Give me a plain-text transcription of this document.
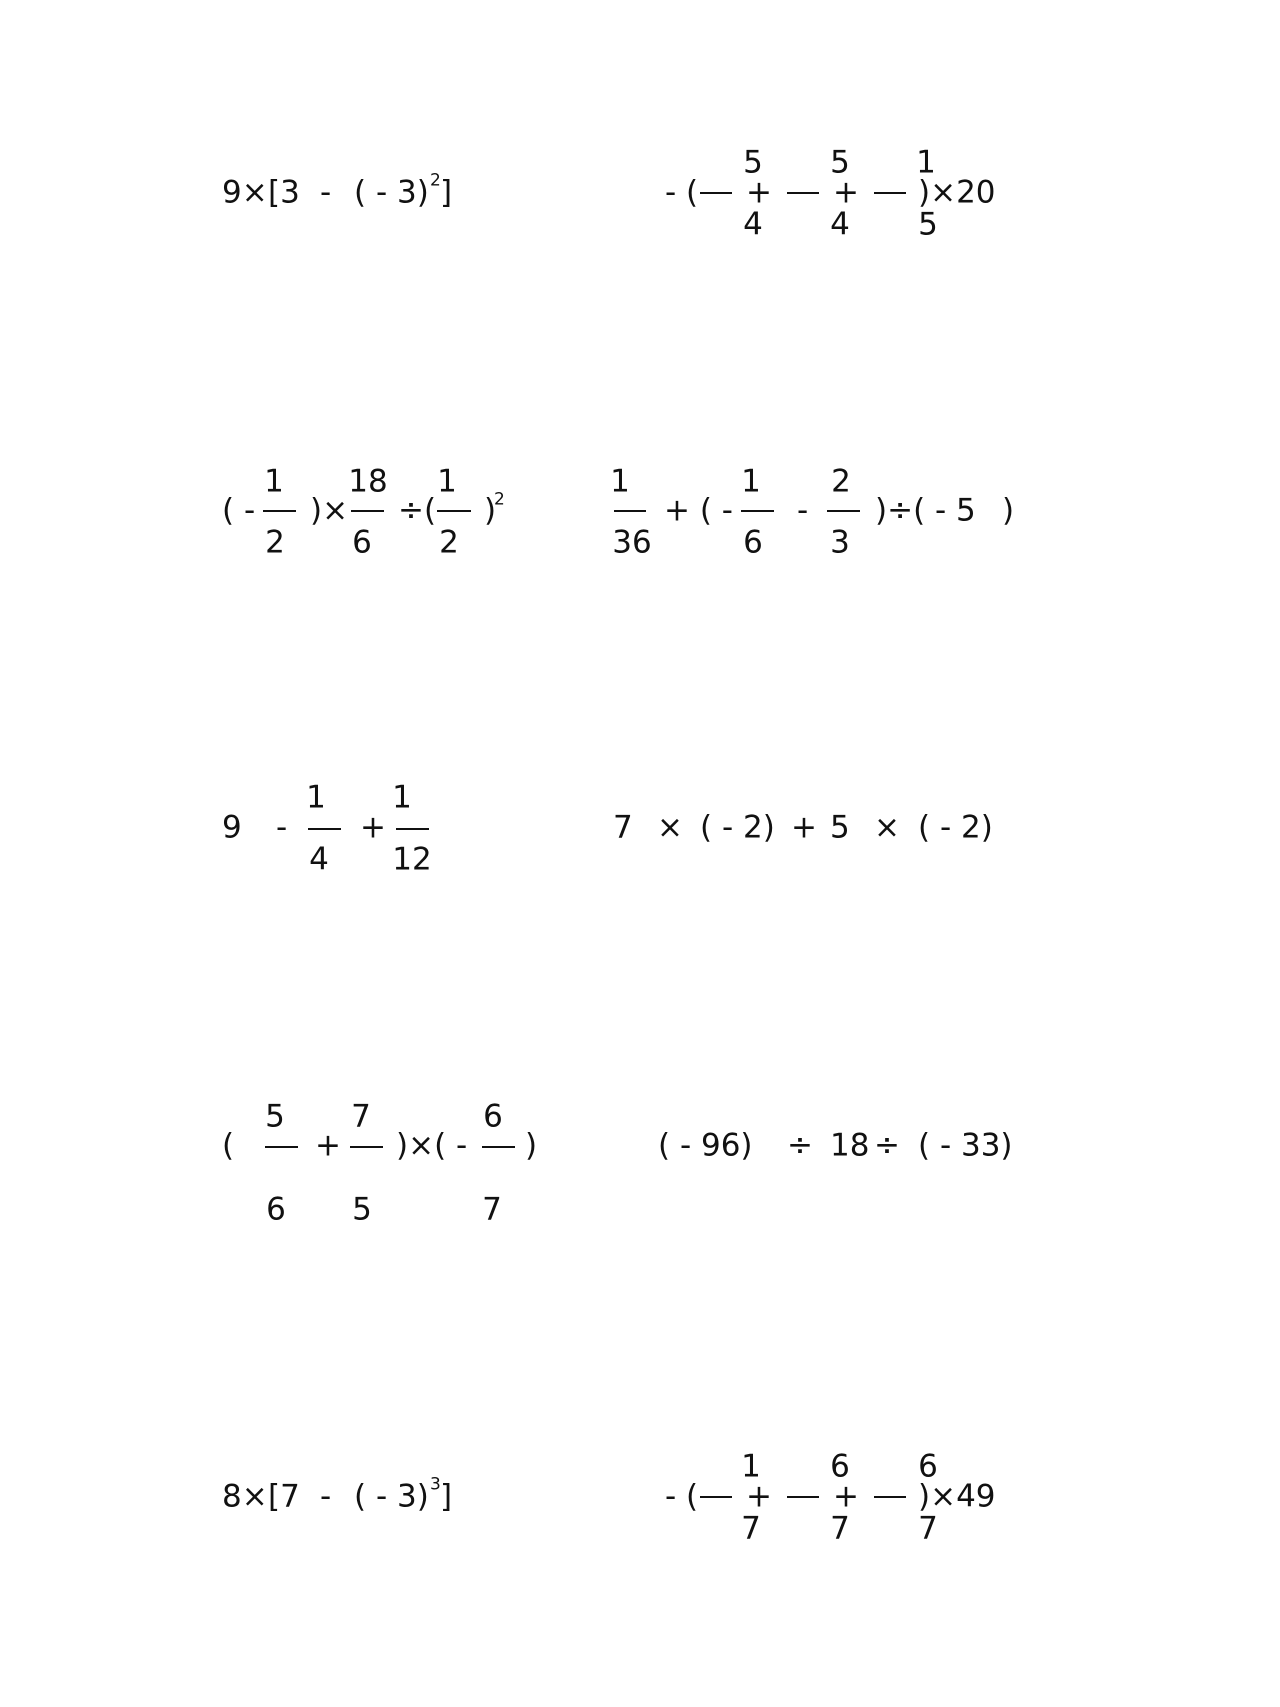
9× [3 - ( - 3) 2 ]	- (
5
4
+
5
4
+
1
5
)×20
( -
1
2
)×
18
6
÷(
1
2
)
2	1
36
+ ( -
1
6
-
2
3
)÷( - 5 )
9 -
1
4
+
1
12
7 × ( - 2) + 5 × ( - 2)
(
5
6
+
7
5
)×( -
6
7
)	( - 96) ÷ 18 ÷ ( - 33)
8× [7 - ( - 3) 3 ]	- (
1
7
+
6
7
+
6
7
)×49
